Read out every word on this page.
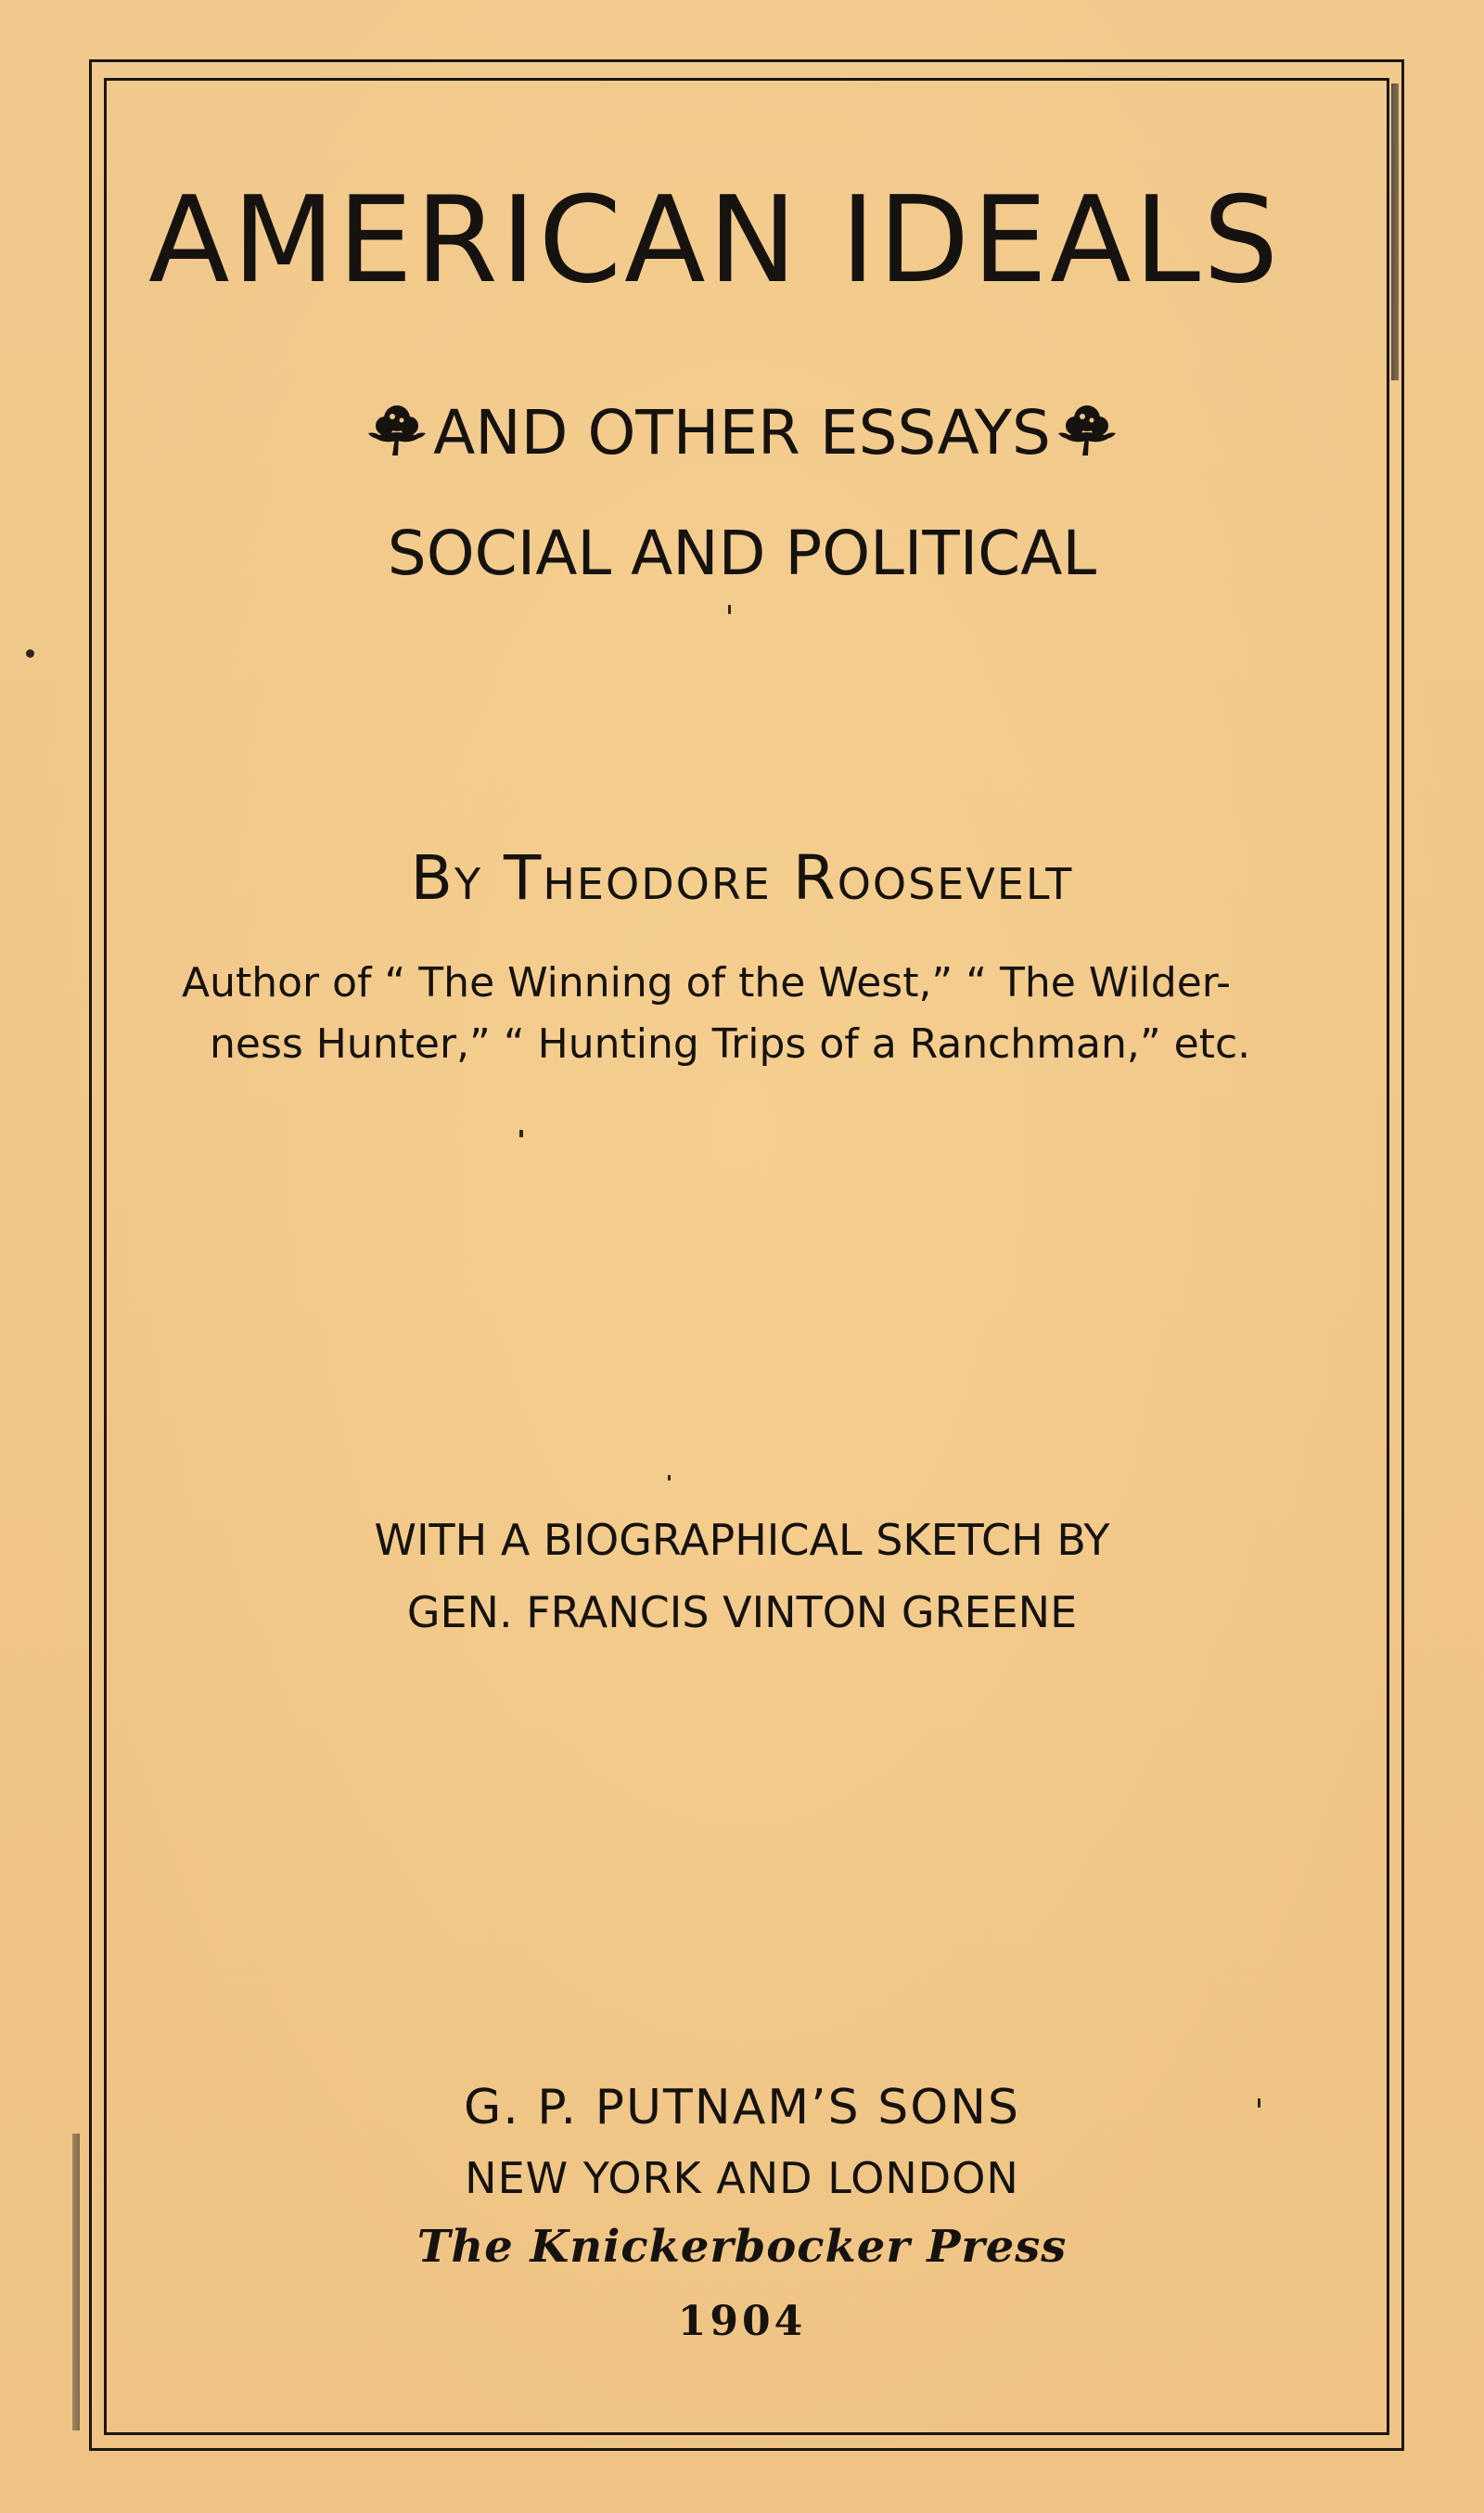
AMERICAN IDEALS
AND OTHER ESSAYS
SOCIAL AND POLITICAL
By Theodore Roosevelt
Author of “ The Winning of the West,” “ The Wilder-
ness Hunter,” “ Hunting Trips of a Ranchman,” etc.
WITH A BIOGRAPHICAL SKETCH BY
GEN. FRANCIS VINTON GREENE
G. P. PUTNAM’S SONS
NEW YORK AND LONDON
The Knickerbocker Press
1904
